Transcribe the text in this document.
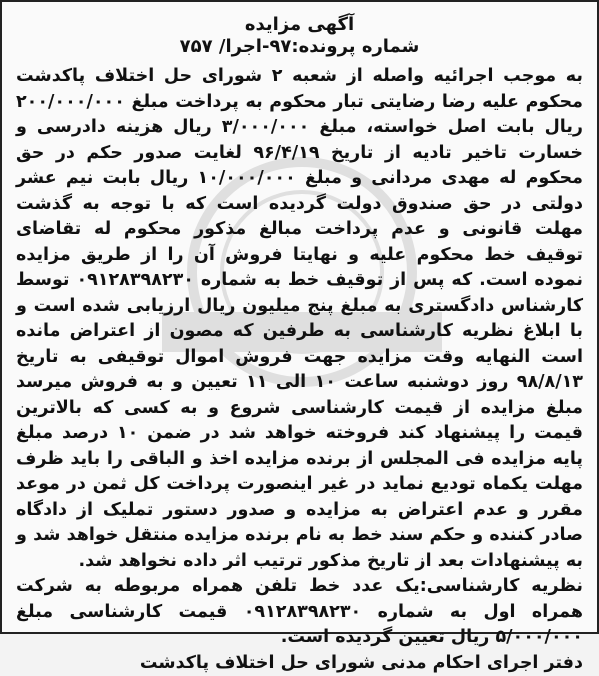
آگهی مزایده
شماره پرونده:۹۷-اجرا/ ۷۵۷

به موجب اجرائیه واصله از شعبه ۲ شورای حل اختلاف پاکدشت محکوم علیه رضا رضایتی تبار محکوم به پرداخت مبلغ ۲۰۰/۰۰۰/۰۰۰ ریال بابت اصل خواسته، مبلغ ۳/۰۰۰/۰۰۰ ریال هزینه دادرسی و خسارت تاخیر تادیه از تاریخ ۹۶/۴/۱۹ لغایت صدور حکم در حق محکوم له مهدی مردانی و مبلغ ۱۰/۰۰۰/۰۰۰ ریال بابت نیم عشر دولتی در حق صندوق دولت گردیده است که با توجه به گذشت مهلت قانونی و عدم پرداخت مبالغ مذکور محکوم له تقاضای توقیف خط محکوم علیه و نهایتا فروش آن را از طریق مزایده نموده است. که پس از توقیف خط به شماره ۰۹۱۲۸۳۹۸۲۳۰ توسط کارشناس دادگستری به مبلغ پنج میلیون ریال ارزیابی شده است و با ابلاغ نظریه کارشناسی به طرفین که مصون از اعتراض مانده است النهایه وقت مزایده جهت فروش اموال توقیفی به تاریخ ۹۸/۸/۱۳ روز دوشنبه ساعت ۱۰ الی ۱۱ تعیین و به فروش میرسد مبلغ مزایده از قیمت کارشناسی شروع و به کسی که بالاترین قیمت را پیشنهاد کند فروخته خواهد شد در ضمن ۱۰ درصد مبلغ پایه مزایده فی المجلس از برنده مزایده اخذ و الباقی را باید ظرف مهلت یکماه تودیع نماید در غیر اینصورت پرداخت کل ثمن در موعد مقرر و عدم اعتراض به مزایده و صدور دستور تملیک از دادگاه صادر کننده و حکم سند خط به نام برنده مزایده منتقل خواهد شد و به پیشنهادات بعد از تاریخ مذکور ترتیب اثر داده نخواهد شد.

نظریه کارشناسی:یک عدد خط تلفن همراه مربوطه به شرکت همراه اول به شماره ۰۹۱۲۸۳۹۸۲۳۰ قیمت کارشناسی مبلغ ۵/۰۰۰/۰۰۰ ریال تعیین گردیده است.

دفتر اجرای احکام مدنی شورای حل اختلاف پاکدشت
